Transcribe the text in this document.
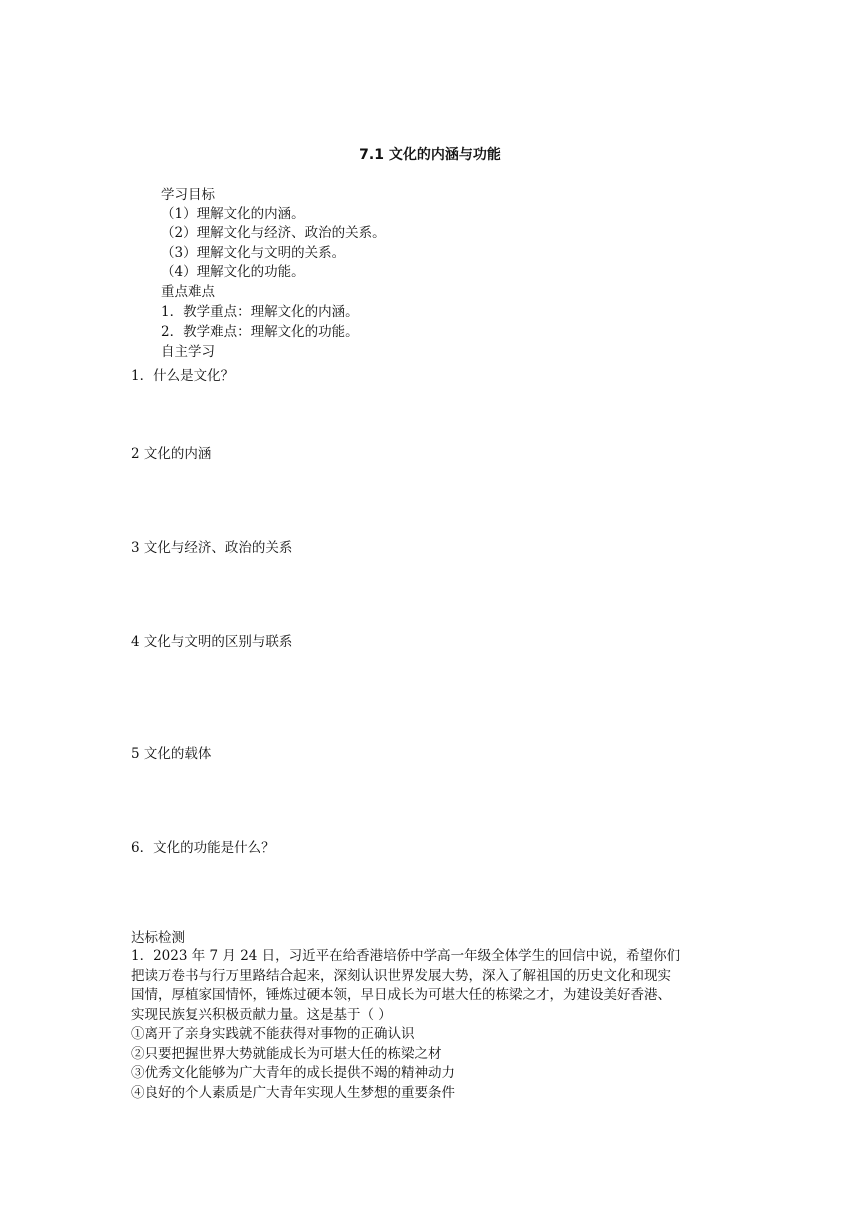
7.1 文化的内涵与功能
学习目标
（1）理解文化的内涵。
（2）理解文化与经济、政治的关系。
（3）理解文化与文明的关系。
（4）理解文化的功能。
重点难点
1．教学重点：理解文化的内涵。
2．教学难点：理解文化的功能。
自主学习
1．什么是文化？
2 文化的内涵
3 文化与经济、政治的关系
4 文化与文明的区别与联系
5 文化的载体
6．文化的功能是什么？
达标检测
1．2023 年 7 月 24 日，习近平在给香港培侨中学高一年级全体学生的回信中说，希望你们
把读万卷书与行万里路结合起来，深刻认识世界发展大势，深入了解祖国的历史文化和现实
国情，厚植家国情怀，锤炼过硬本领，早日成长为可堪大任的栋梁之才，为建设美好香港、
实现民族复兴积极贡献力量。这是基于（ ）
①离开了亲身实践就不能获得对事物的正确认识
②只要把握世界大势就能成长为可堪大任的栋梁之材
③优秀文化能够为广大青年的成长提供不竭的精神动力
④良好的个人素质是广大青年实现人生梦想的重要条件
